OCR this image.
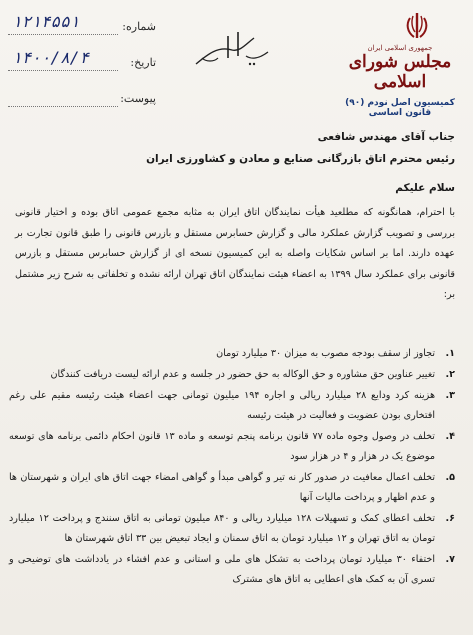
شماره:
۱۲۱۴۵۵۱
تاریخ:
۱۴۰۰/۸/۴
پیوست:
جمهوری اسلامی ایران
مجلس شورای
اسلامی
کمیسیون اصل نود‌م (۹۰)
قانون اساسی
جناب آقای مهندس شافعی
رئیس محترم اتاق بازرگانی صنایع و معادن و کشاورزی ایران
سلام علیکم
با احترام، همانگونه که مطلعید هیأت نمایندگان اتاق ایران به مثابه مجمع عمومی اتاق بوده و اختیار قانونی بررسی و تصویب گزارش عملکرد مالی و گزارش حسابرس مستقل و بازرس قانونی را طبق قانون تجارت بر عهده دارند. اما بر اساس شکایات واصله به این کمیسیون نسخه ای از گزارش حسابرس مستقل و بازرس قانونی برای عملکرد سال ۱۳۹۹ به اعضاء هیئت نمایندگان اتاق تهران ارائه نشده و تخلفاتی به شرح زیر مشتمل بر:
۱.
تجاوز از سقف بودجه مصوب به میزان ۳۰ میلیارد تومان
۲.
تغییر عناوین حق مشاوره و حق الوکاله به حق حضور در جلسه و عدم ارائه لیست دریافت کنندگان
۳.
هزینه کرد ودایع ۲۸ میلیارد ریالی و اجاره ۱۹۴ میلیون تومانی جهت اعضاء هیئت رئیسه مقیم علی رغم افتخاری بودن عضویت و فعالیت در هیئت رئیسه
۴.
تخلف در وصول وجوه ماده ۷۷ قانون برنامه پنجم توسعه و ماده ۱۳ قانون احکام دائمی برنامه های توسعه موضوع یک در هزار و ۴ در هزار سود
۵.
تخلف اعمال معافیت در صدور کار نه تیر و گواهی مبدأ و گواهی امضاء جهت اتاق های ایران و شهرستان ها و عدم اظهار و پرداخت مالیات آنها
۶.
تخلف اعطای کمک و تسهیلات ۱۲۸ میلیارد ریالی و ۸۴۰ میلیون تومانی به اتاق سنندج و پرداخت ۱۲ میلیارد تومان به اتاق تهران و ۱۲ میلیارد تومان به اتاق سمنان و ایجاد تبعیض بین ۳۳ اتاق شهرستان ها
۷.
اختفاء ۳۰ میلیارد تومان پرداخت به تشکل های ملی و استانی و عدم افشاء در یادداشت های توضیحی و تسری آن به کمک های اعطایی به اتاق های مشترک
